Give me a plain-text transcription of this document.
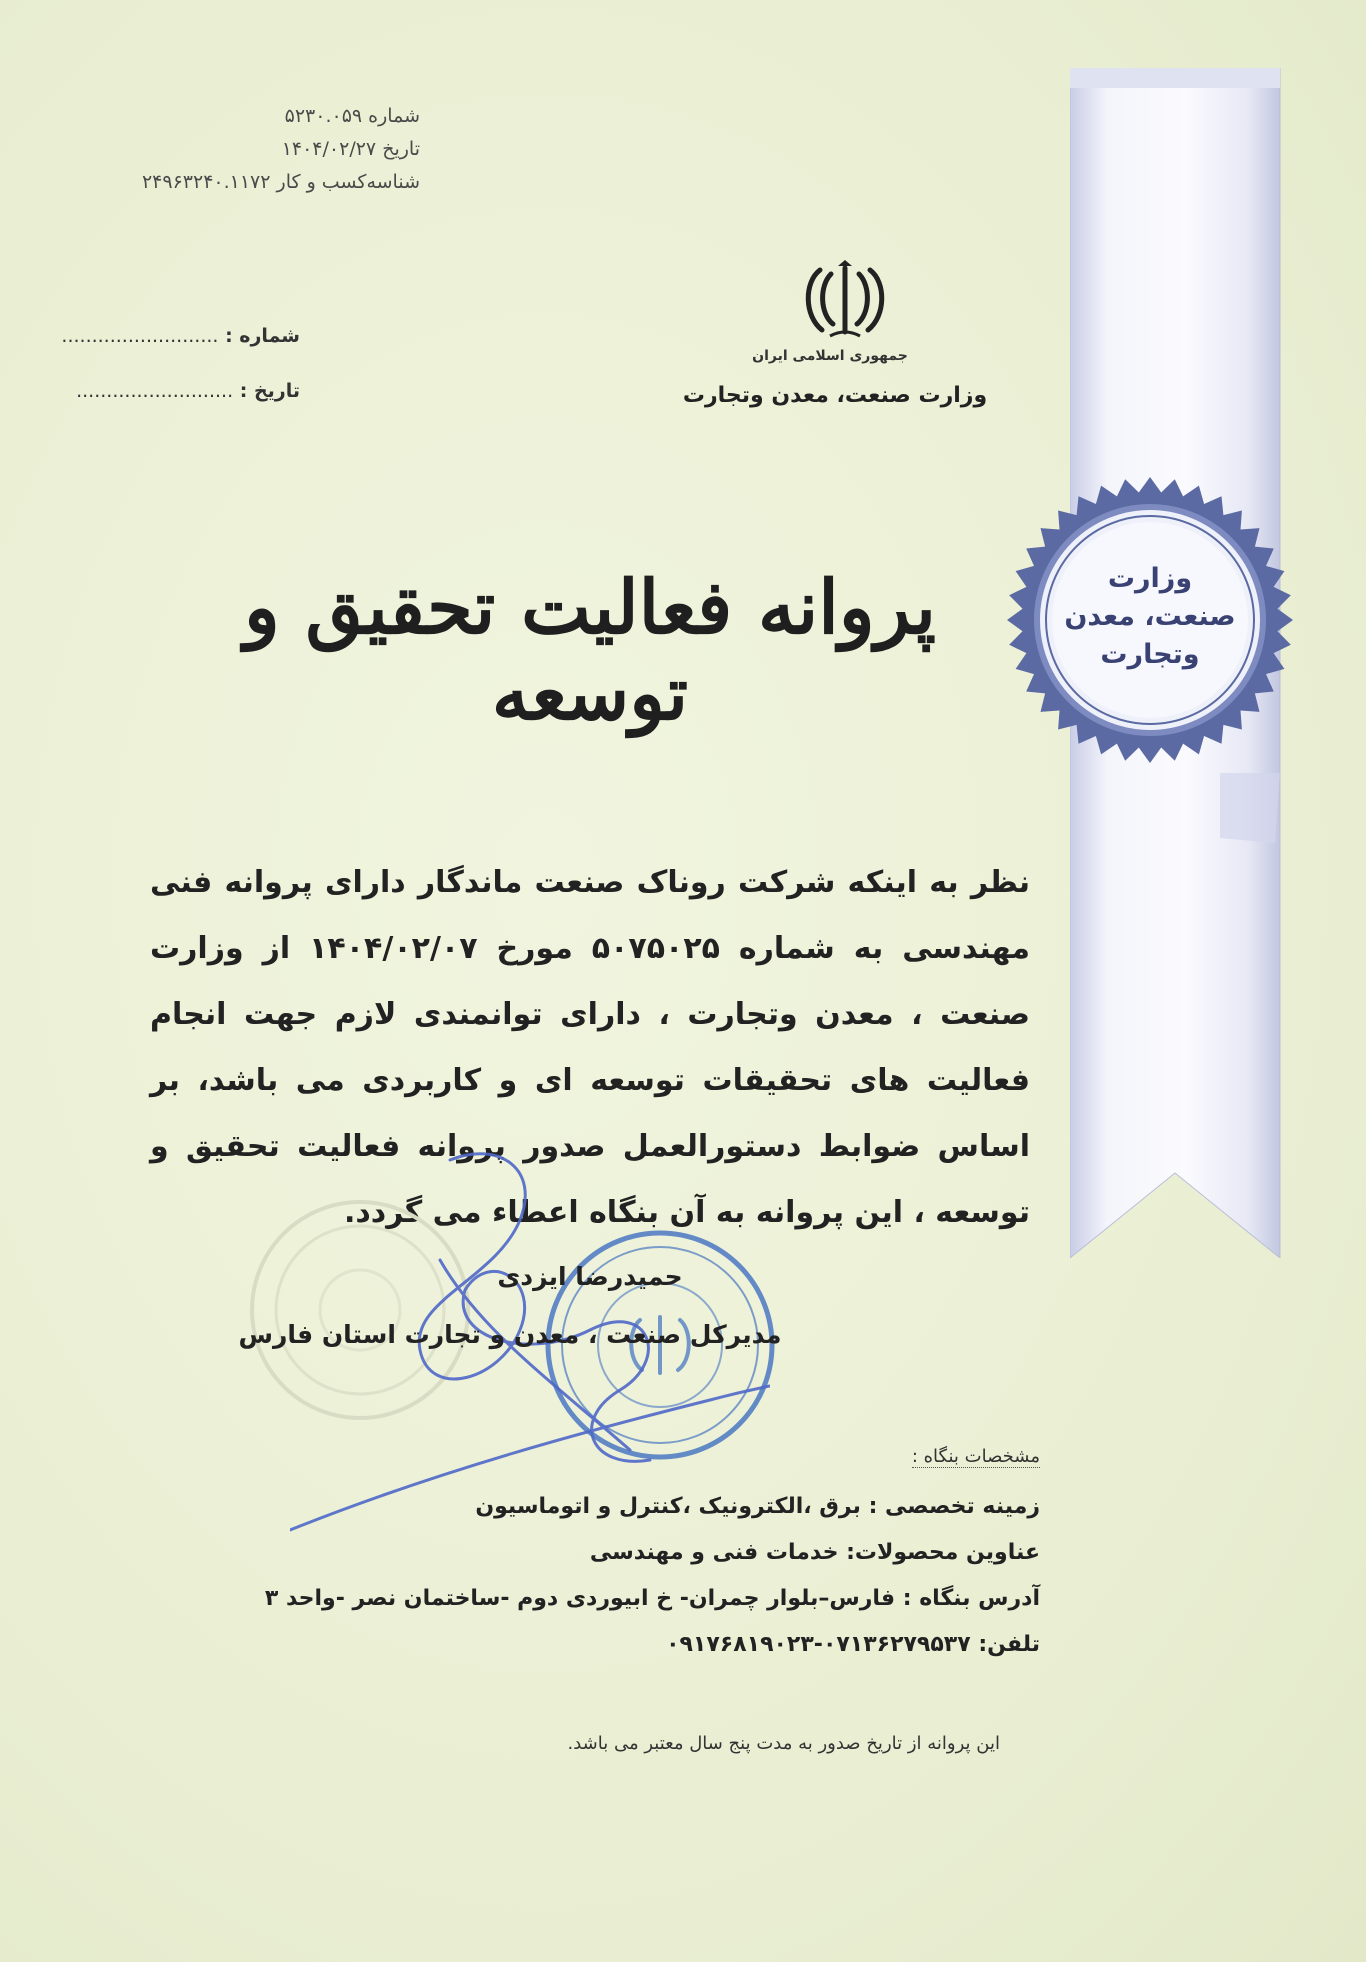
وزارت
صنعت، معدن
وتجارت
شماره ۵۲۳۰.۰۵۹
تاریخ ۱۴۰۴/۰۲/۲۷
شناسه‌کسب و کار ۲۴۹۶۳۲۴۰.۱۱۷۲
شماره : ..........................
تاریخ : ..........................
جمهوری اسلامی ایران
وزارت صنعت، معدن وتجارت
پروانه فعالیت تحقیق و توسعه
نظر به اینکه شرکت روناک صنعت ماندگار دارای پروانه فنی مهندسی به شماره ۵۰۷۵۰۲۵ مورخ ۱۴۰۴/۰۲/۰۷ از وزارت صنعت ، معدن وتجارت ، دارای توانمندی لازم جهت انجام فعالیت های تحقیقات توسعه ای و کاربردی می باشد، بر اساس ضوابط دستورالعمل صدور پروانه فعالیت تحقیق و توسعه ، این پروانه به آن بنگاه اعطاء می گردد.
حمیدرضا ایزدی
مدیرکل صنعت ، معدن و تجارت استان فارس
مشخصات بنگاه :
زمینه تخصصی : برق ،الکترونیک ،کنترل و اتوماسیون
عناوین محصولات: خدمات فنی و مهندسی
آدرس بنگاه : فارس–بلوار چمران- خ ابیوردی دوم -ساختمان نصر -واحد ۳
تلفن: ۰۷۱۳۶۲۷۹۵۳۷-۰۹۱۷۶۸۱۹۰۲۳
این پروانه از تاریخ صدور به مدت پنج سال معتبر می باشد.
